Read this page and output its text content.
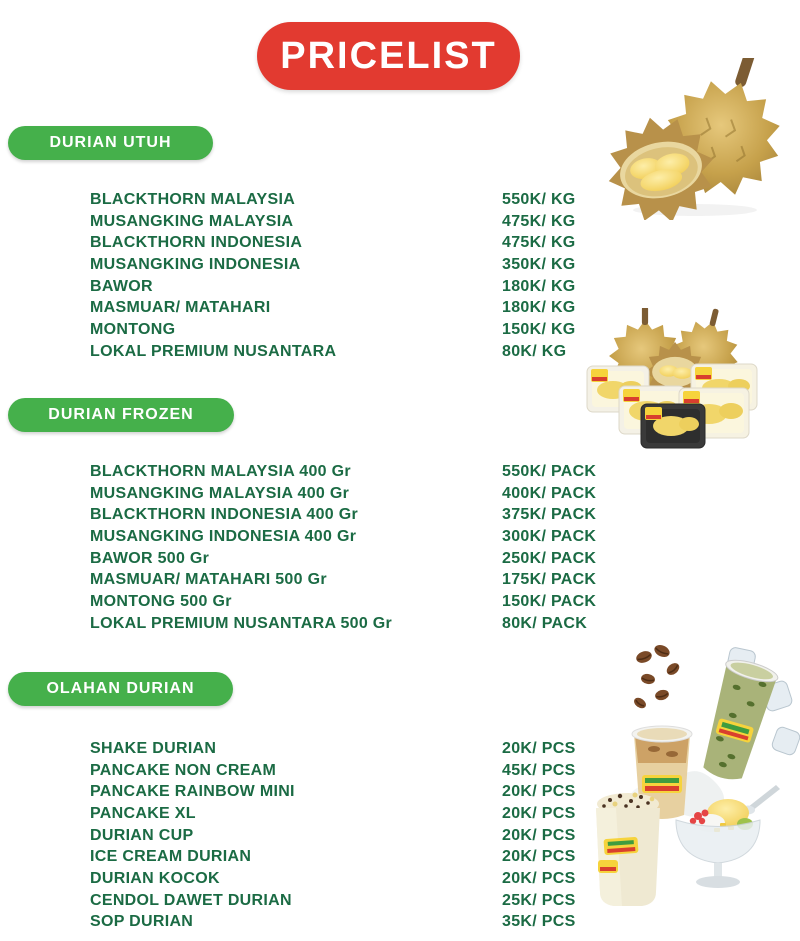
PRICELIST
DURIAN UTUH
BLACKTHORN MALAYSIA	550K/ KG
MUSANGKING MALAYSIA	475K/ KG
BLACKTHORN INDONESIA	475K/ KG
MUSANGKING INDONESIA	350K/ KG
BAWOR	180K/ KG
MASMUAR/ MATAHARI	180K/ KG
MONTONG	150K/ KG
LOKAL PREMIUM NUSANTARA	80K/ KG
DURIAN FROZEN
BLACKTHORN MALAYSIA 400 Gr	550K/ PACK
MUSANGKING MALAYSIA 400 Gr	400K/ PACK
BLACKTHORN INDONESIA 400 Gr	375K/ PACK
MUSANGKING INDONESIA 400 Gr	300K/ PACK
BAWOR 500 Gr	250K/ PACK
MASMUAR/ MATAHARI 500 Gr	175K/ PACK
MONTONG 500 Gr	150K/ PACK
LOKAL PREMIUM NUSANTARA 500 Gr	80K/ PACK
OLAHAN DURIAN
SHAKE DURIAN	20K/ PCS
PANCAKE NON CREAM	45K/ PCS
PANCAKE RAINBOW MINI	20K/ PCS
PANCAKE XL	20K/ PCS
DURIAN CUP	20K/ PCS
ICE CREAM DURIAN	20K/ PCS
DURIAN KOCOK	20K/ PCS
CENDOL DAWET DURIAN	25K/ PCS
SOP DURIAN	35K/ PCS
